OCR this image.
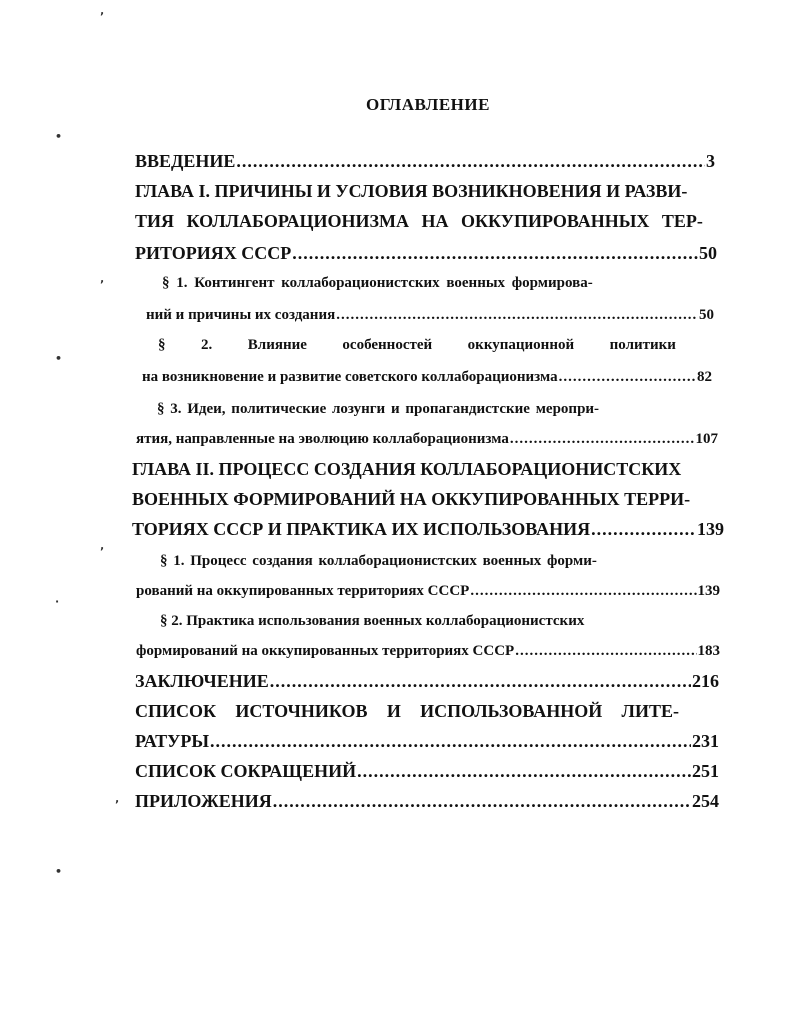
ʼ
•
ʼ
•
ʼ
·
ʼ
•
ОГЛАВЛЕНИЕ
ВВЕДЕНИЕ .....	3
ГЛАВА I. ПРИЧИНЫ И УСЛОВИЯ ВОЗНИКНОВЕНИЯ И РАЗВИ-
ТИЯ КОЛЛАБОРАЦИОНИЗМА НА ОККУПИРОВАННЫХ ТЕР-
РИТОРИЯХ СССР .....	50
§ 1. Контингент коллаборационистских военных формирова-
ний и причины их создания .....	50
§ 2. Влияние особенностей оккупационной политики
на возникновение и развитие советского коллаборационизма .....	82
§ 3. Идеи, политические лозунги и пропагандистские меропри-
ятия, направленные на эволюцию коллаборационизма .....	107
ГЛАВА II. ПРОЦЕСС СОЗДАНИЯ КОЛЛАБОРАЦИОНИСТСКИХ
ВОЕННЫХ ФОРМИРОВАНИЙ НА ОККУПИРОВАННЫХ ТЕРРИ-
ТОРИЯХ СССР И ПРАКТИКА ИХ ИСПОЛЬЗОВАНИЯ .....	139
§ 1. Процесс создания коллаборационистских военных форми-
рований на оккупированных территориях СССР .....	139
§ 2. Практика использования военных коллаборационистских
формирований на оккупированных территориях СССР .....	183
ЗАКЛЮЧЕНИЕ .....	216
СПИСОК ИСТОЧНИКОВ И ИСПОЛЬЗОВАННОЙ ЛИТЕ-
РАТУРЫ .....	231
СПИСОК СОКРАЩЕНИЙ .....	251
ПРИЛОЖЕНИЯ .....	254
